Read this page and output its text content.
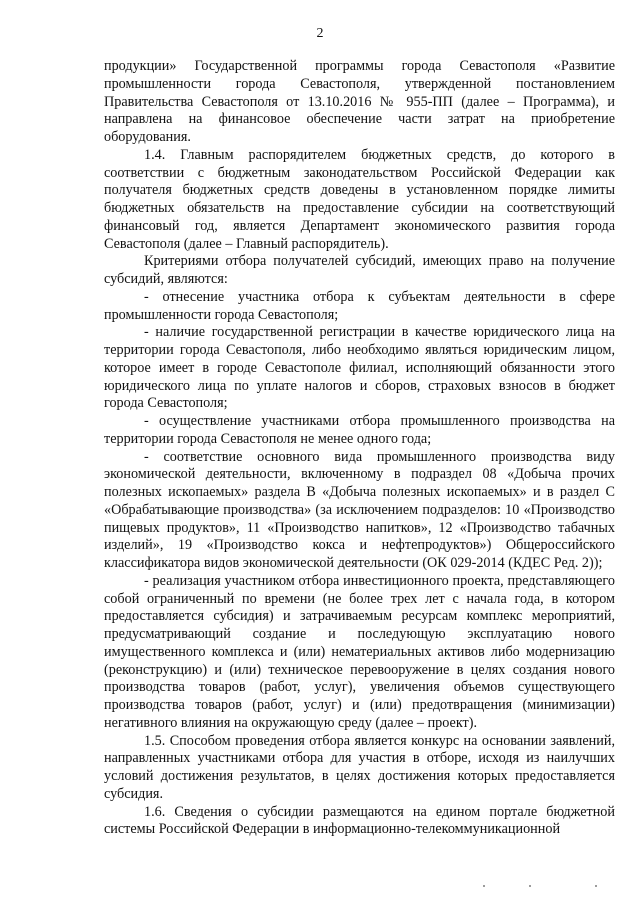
2

продукции» Государственной программы города Севастополя «Развитие промышленности города Севастополя, утвержденной постановлением Правительства Севастополя от 13.10.2016 № 955-ПП (далее – Программа), и направлена на финансовое обеспечение части затрат на приобретение оборудования.

1.4. Главным распорядителем бюджетных средств, до которого в соответствии с бюджетным законодательством Российской Федерации как получателя бюджетных средств доведены в установленном порядке лимиты бюджетных обязательств на предоставление субсидии на соответствующий финансовый год, является Департамент экономического развития города Севастополя (далее – Главный распорядитель).

Критериями отбора получателей субсидий, имеющих право на получение субсидий, являются:

- отнесение участника отбора к субъектам деятельности в сфере промышленности города Севастополя;

- наличие государственной регистрации в качестве юридического лица на территории города Севастополя, либо необходимо являться юридическим лицом, которое имеет в городе Севастополе филиал, исполняющий обязанности этого юридического лица по уплате налогов и сборов, страховых взносов в бюджет города Севастополя;

- осуществление участниками отбора промышленного производства на территории города Севастополя не менее одного года;

- соответствие основного вида промышленного производства виду экономической деятельности, включенному в подраздел 08 «Добыча прочих полезных ископаемых» раздела В «Добыча полезных ископаемых» и в раздел С «Обрабатывающие производства» (за исключением подразделов: 10 «Производство пищевых продуктов», 11 «Производство напитков», 12 «Производство табачных изделий», 19 «Производство кокса и нефтепродуктов») Общероссийского классификатора видов экономической деятельности (ОК 029-2014 (КДЕС Ред. 2));

- реализация участником отбора инвестиционного проекта, представляющего собой ограниченный по времени (не более трех лет с начала года, в котором предоставляется субсидия) и затрачиваемым ресурсам комплекс мероприятий, предусматривающий создание и последующую эксплуатацию нового имущественного комплекса и (или) нематериальных активов либо модернизацию (реконструкцию) и (или) техническое перевооружение в целях создания нового производства товаров (работ, услуг), увеличения объемов существующего производства товаров (работ, услуг) и (или) предотвращения (минимизации) негативного влияния на окружающую среду (далее – проект).

1.5. Способом проведения отбора является конкурс на основании заявлений, направленных участниками отбора для участия в отборе, исходя из наилучших условий достижения результатов, в целях достижения которых предоставляется субсидия.

1.6. Сведения о субсидии размещаются на едином портале бюджетной системы Российской Федерации в информационно-телекоммуникационной
